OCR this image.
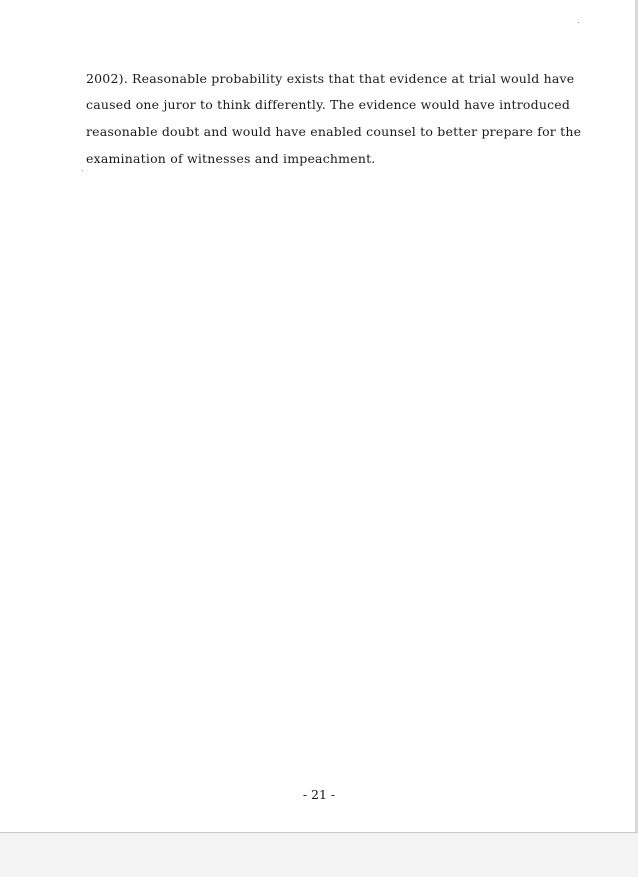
2002). Reasonable probability exists that that evidence at trial would have
caused one juror to think differently. The evidence would have introduced
reasonable doubt and would have enabled counsel to better prepare for the
examination of witnesses and impeachment.
- 21 -
